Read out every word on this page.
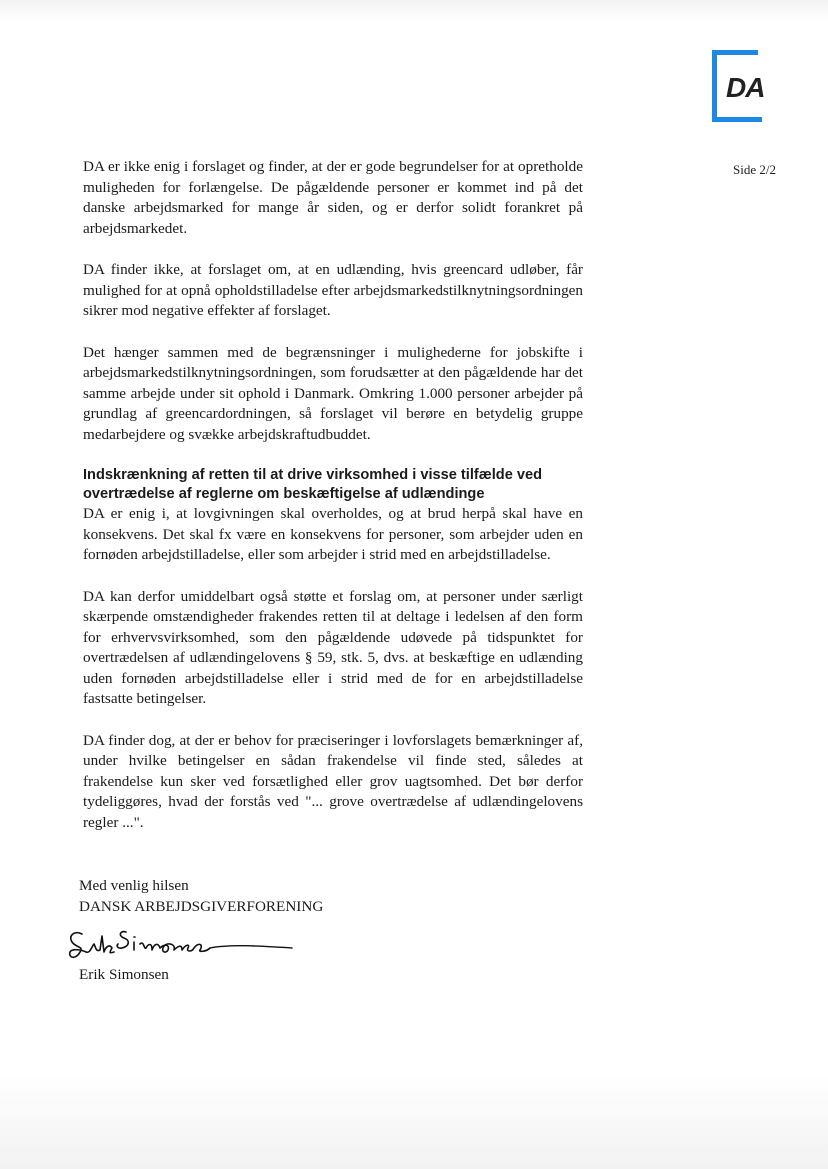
DA
Side 2/2

DA er ikke enig i forslaget og finder, at der er gode begrundelser for at opretholde muligheden for forlængelse. De pågældende personer er kommet ind på det danske arbejdsmarked for mange år siden, og er derfor solidt forankret på arbejdsmarkedet.

DA finder ikke, at forslaget om, at en udlænding, hvis greencard udløber, får mulighed for at opnå opholdstilladelse efter arbejdsmarkedstilknytningsordningen sikrer mod negative effekter af forslaget.

Det hænger sammen med de begrænsninger i mulighederne for jobskifte i arbejdsmarkedstilknytningsordningen, som forudsætter at den pågældende har det samme arbejde under sit ophold i Danmark. Omkring 1.000 personer arbejder på grundlag af greencardordningen, så forslaget vil berøre en betydelig gruppe medarbejdere og svække arbejdskraftudbuddet.

Indskrænkning af retten til at drive virksomhed i visse tilfælde ved overtrædelse af reglerne om beskæftigelse af udlændinge

DA er enig i, at lovgivningen skal overholdes, og at brud herpå skal have en konsekvens. Det skal fx være en konsekvens for personer, som arbejder uden en fornøden arbejdstilladelse, eller som arbejder i strid med en arbejdstilladelse.

DA kan derfor umiddelbart også støtte et forslag om, at personer under særligt skærpende omstændigheder frakendes retten til at deltage i ledelsen af den form for erhvervsvirksomhed, som den pågældende udøvede på tidspunktet for overtrædelsen af udlændingelovens § 59, stk. 5, dvs. at beskæftige en udlænding uden fornøden arbejdstilladelse eller i strid med de for en arbejdstilladelse fastsatte betingelser.

DA finder dog, at der er behov for præciseringer i lovforslagets bemærkninger af, under hvilke betingelser en sådan frakendelse vil finde sted, således at frakendelse kun sker ved forsætlighed eller grov uagtsomhed. Det bør derfor tydeliggøres, hvad der forstås ved "... grove overtrædelse af udlændingelovens regler ...".

Med venlig hilsen
DANSK ARBEJDSGIVERFORENING
Erik Simonsen
